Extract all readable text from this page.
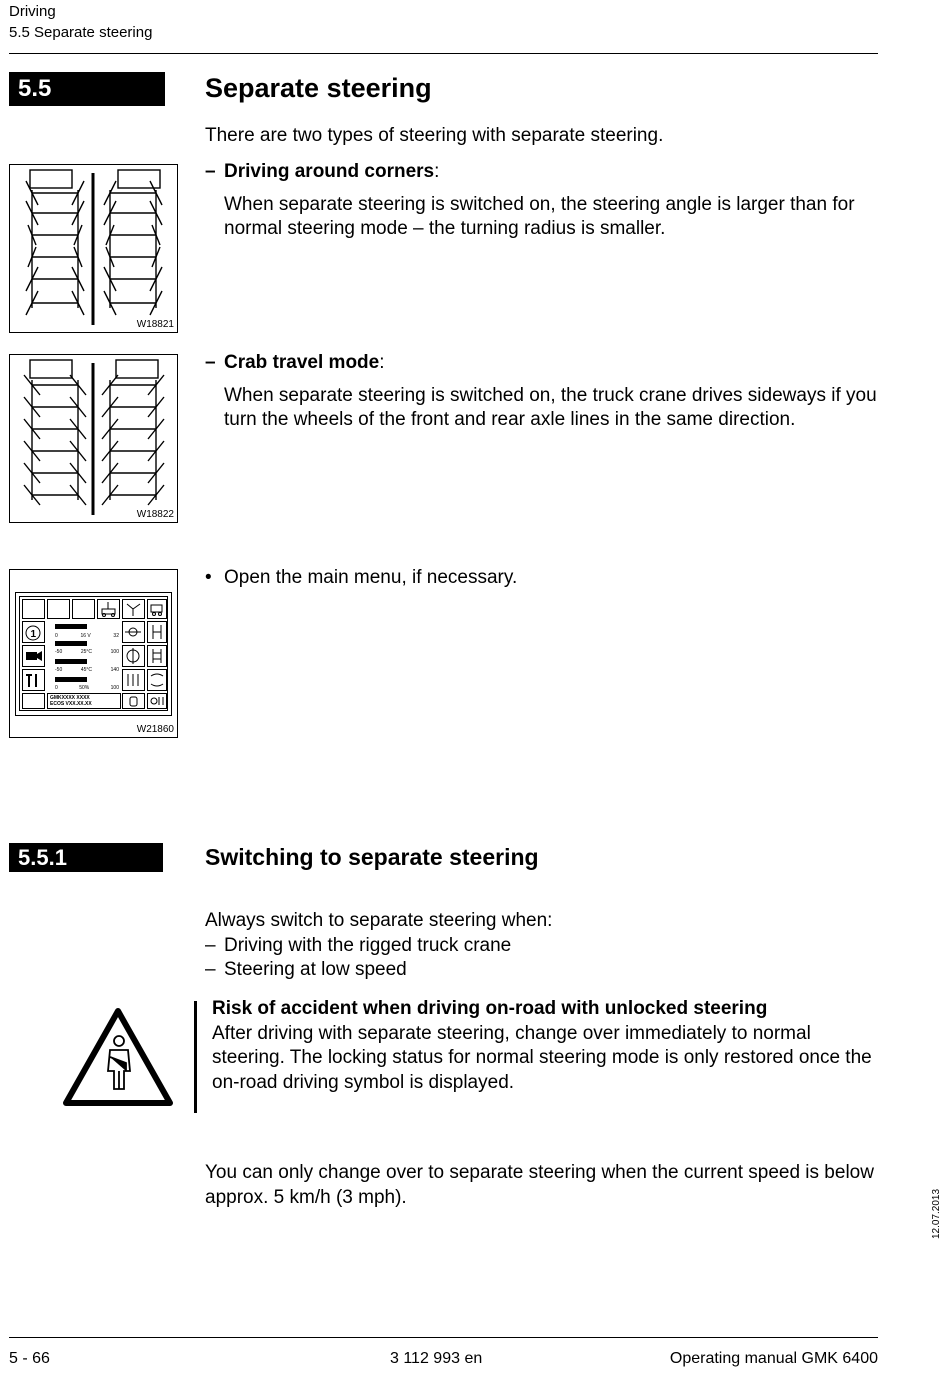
Driving
5.5 Separate steering
5.5	Separate steering
There are two types of steering with separate steering.
– Driving around corners:
When separate steering is switched on, the steering angle is larger than for normal steering mode – the turning radius is smaller.
W18821
– Crab travel mode:
When separate steering is switched on, the truck crane drives sideways if you turn the wheels of the front and rear axle lines in the same direction.
W18822
• Open the main menu, if necessary.
1	0	16 V	32
-50	25°C	100
-50	45°C	140
0	50%	100
GMKXXXX XXXX
ECOS VXX.XX.XX
W21860
5.5.1	Switching to separate steering
Always switch to separate steering when:
– Driving with the rigged truck crane
– Steering at low speed
Risk of accident when driving on-road with unlocked steering
After driving with separate steering, change over immediately to normal steering. The locking status for normal steering mode is only restored once the on-road driving symbol is displayed.
You can only change over to separate steering when the current speed is below approx. 5 km/h (3 mph).	12.07.2013
5 - 66	3 112 993 en	Operating manual GMK 6400
